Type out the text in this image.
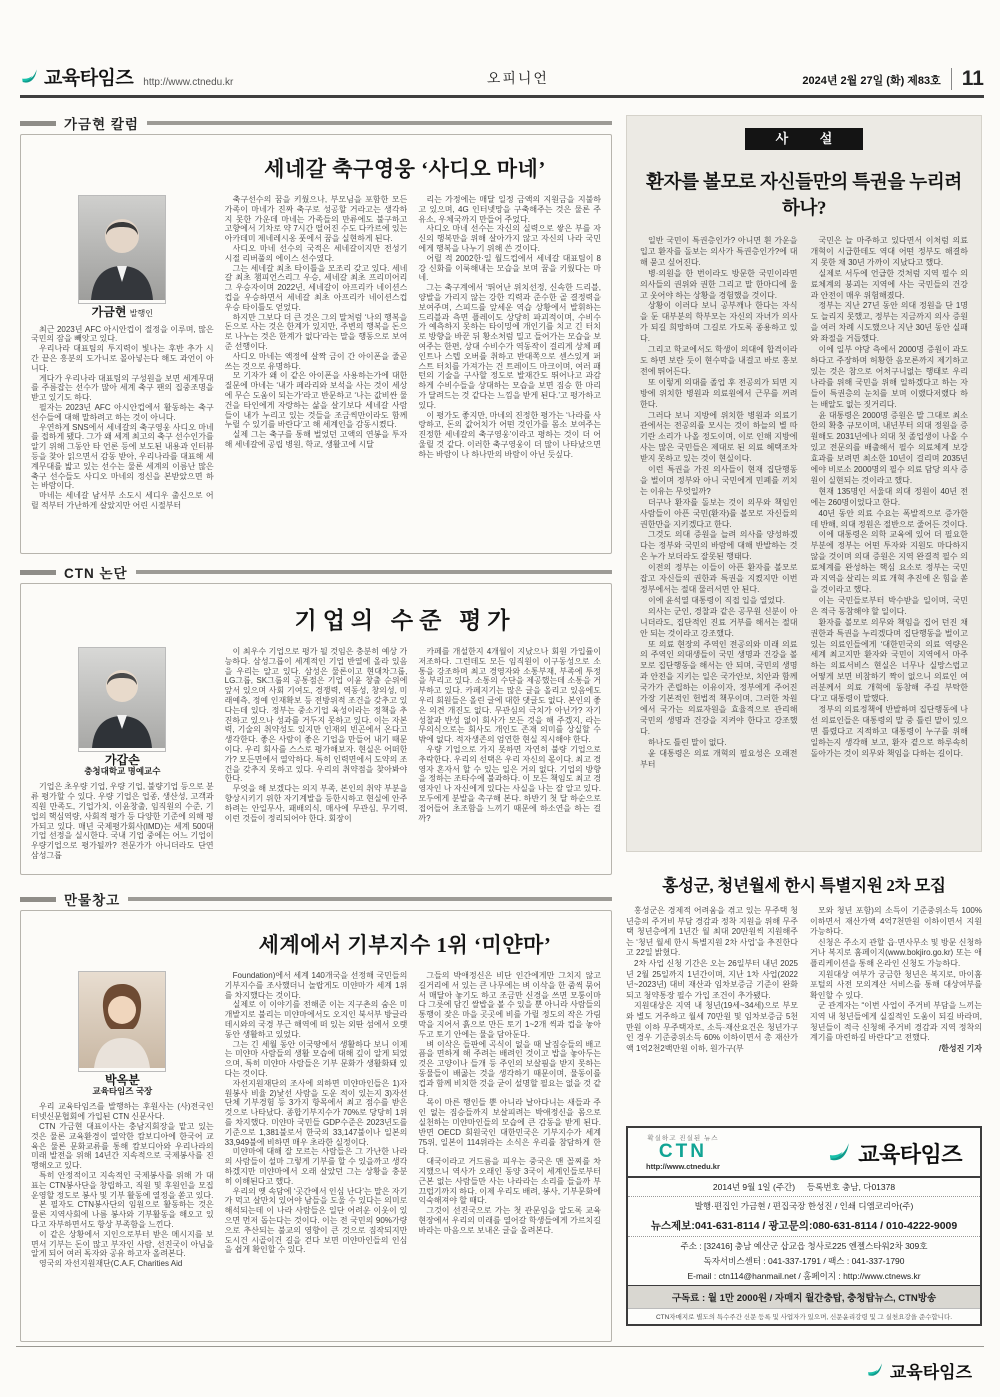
교육타임즈 http://www.ctnedu.kr	오피니언	2024년 2월 27일 (화) 제83호	11
가금현 칼럼
세네갈 축구영웅 ‘사디오 마네’
가금현 발행인

최근 2023년 AFC 아시안컵이 절정을 이루며, 많은 국민의 잠을 빼앗고 있다.

우리나라 대표팀의 투지력이 빛나는 후반 추가 시간 끝은 흥분의 도가니로 몰아넣는다 해도 과언이 아니다.

게다가 우리나라 대표팀의 구성원을 보면 세계무대를 주름잡는 선수가 많아 세계 축구 팬의 집중조명을 받고 있기도 하다.

필자는 2023년 AFC 아시안컵에서 활동하는 축구 선수들에 대해 말하려고 하는 것이 아니다.

우연하게 SNS에서 세네갈의 축구영웅 사디오 마네를 접하게 됐다. 그가 왜 세계 최고의 축구 선수인가를 알기 위해 그동안 타 언론 등에 보도된 내용과 인터뷰 등을 찾아 읽으면서 감동 받아, 우리나라를 대표해 세계무대를 밟고 있는 선수는 물론 세계의 이름난 많은 축구 선수들도 사디오 마네의 정신을 본받았으면 하는 바람이다.

마네는 세네갈 남서부 소도시 세디우 출신으로 어릴 적부터 가난하게 살았지만 어린 시절부터

축구선수의 꿈을 키웠으나, 부모님을 포함한 모든 가족이 마네가 진짜 축구로 성공할 거라고는 생각하지 못한 가운데 마네는 가족들의 만류에도 불구하고 고향에서 기차로 약 7시간 떨어진 수도 다카르에 있는 아카데미 제네레시옹 풋에서 꿈을 실현하게 된다.

사디오 마네 선수의 국적은 세네갈이지만 전성기 시절 리버풀의 에이스 선수였다.

그는 세네갈 최초 타이틀을 모조리 갖고 있다. 세네갈 최초 챔피언스리그 우승, 세네갈 최초 프리미어리그 우승자이며 2022년, 세네갈이 아프리카 네이션스컵을 우승하면서 세네갈 최초 아프리카 네이션스컵 우승 타이틀도 얻었다.

하지만 그보다 더 큰 것은 그의 말처럼 ‘나의 행복을 돈으로 사는 것은 한계가 있지만, 주변의 행복을 돈으로 나누는 것은 한계가 없다’라는 말을 행동으로 보여준 선행이다.

사디오 마네는 액정에 살짝 금이 간 아이폰을 줄곧 쓰는 것으로 유명하다.

모 기자가 왜 이 같은 아이폰을 사용하는가에 대한 질문에 마네는 ‘내가 페라리와 보석을 사는 것이 세상에 무슨 도움이 되는가’라고 반문하고 ‘나는 값비싼 물건을 타인에게 자랑하는 삶을 살기보다 세네갈 사람들이 내가 누리고 있는 것들을 조금씩만이라도 함께 누릴 수 있기를 바란다’고 해 세계인을 감동시켰다.

실제 그는 축구를 통해 벌었던 고액의 연봉을 투자해 세네갈에 공립 병원, 학교, 생활고에 시달

리는 가정에는 매달 일정 금액의 지원금을 지불하고 있으며, 4G 인터넷망을 구축해주는 것은 물론 주유소, 우체국까지 만들어 주었다.

사디오 마네 선수는 자신의 실력으로 쌓은 부를 자신의 행복만을 위해 살아가지 않고 자신의 나라 국민에게 행복을 나누기 위해 쓴 것이다.

어릴 적 2002한·일 월드컵에서 세네갈 대표팀이 8강 신화를 이룩해내는 모습을 보며 꿈을 키웠다는 마네.

그는 축구계에서 ‘뛰어난 위치선정, 신속한 드리블, 양발을 가리지 않는 강한 킥력과 준수한 골 결정력을 보여주며, 스피드를 앞세운 역습 상황에서 발휘하는 드리블과 측면 플레이도 상당히 파괴적이며, 수비수가 예측하지 못하는 타이밍에 개인기를 치고 긴 터치로 방향을 바꾼 뒤 황소처럼 밀고 들어가는 모습을 보여주는 한편, 상대 수비수가 역동작이 걸리게 상체 페인트나 스텝 오버를 취하고 반대쪽으로 센스있게 퍼스트 터치를 가져가는 건 트레이드 마크이며, 여러 패턴의 기술을 구사할 정도로 발재간도 뛰어나고 과감하게 수비수들을 상대하는 모습을 보면 짐승 한 마리가 달려드는 것 같다는 느낌을 받게 된다.’고 평가하고 있다.

이 평가도 좋지만, 마네의 진정한 평가는 ‘나라를 사랑하고, 돈의 값어치가 어떤 것인가를 몸소 보여주는 진정한 세네갈의 축구영웅’이라고 평하는 것이 더 어울릴 것 같다. 이러한 축구영웅이 더 많이 나타났으면 하는 바람이 나 하나만의 바람이 아닌 듯싶다.

CTN 논단
기업의 수준 평가
가갑손
충청대학교 명예교수

기업은 초우량 기업, 우량 기업, 불량기업 등으로 분류 평가할 수 있다. 우량 기업은 업종, 생산성, 고객과 직원 만족도, 기업가치, 이윤창출, 임직원의 수준, 기업의 핵심역량, 사회적 평가 등 다양한 기준에 의해 평가되고 있다. 매년 국제평가회사(IMD)는 세계 500대 기업 선정을 실시한다. 국내 기업 중에는 어느 기업이 우량기업으로 평가될까? 전문가가 아니더라도 단연 삼성그룹

이 최우수 기업으로 평가 될 것임은 충분히 예상 가능하다. 삼성그룹이 세계적인 기업 반열에 올라 있음을 우리는 알고 있다. 삼성은 물론이고 현대차그룹, LG그룹, SK그룹의 공통점은 기업 이윤 창출 순위에 앞서 있으며 사회 기여도, 경쟁력, 역동성, 창의성, 미래예측, 정예 인재확보 등 전방위적 조건을 갖추고 있다는데 있다. 정부는 중소기업 육성이라는 정책을 추진하고 있으나 성과를 거두지 못하고 있다. 이는 자본력, 기술의 취약성도 있지만 인재의 빈곤에서 온다고 생각한다. 좋은 사람이 좋은 기업을 만들어 내기 때문이다. 우리 회사를 스스로 평가해보자. 현실은 어떠한가? 모든면에서 열악하다. 특히 인력면에서 도약의 조건을 갖추지 못하고 있다. 우리의 취약점을 찾아봐야 한다.

무엇을 해 보겠다는 의지 부족, 본인의 취약 부분을 향상시키기 위한 자기계발을 등한시하고 현실에 안주하려는 안일무사, 패배의식, 매사에 무관심, 무기력, 이런 것들이 정리되어야 한다. 회장이

카페를 개설한지 4개월이 지났으나 회원 가입률이 저조하다. 그런데도 모든 임직원이 이구동성으로 소통을 강조하며 최고 경영자와 소통부재, 부족에 투정을 부리고 있다. 소통의 수단을 제공했는데 소통을 거부하고 있다. 카페지기는 많은 글을 올리고 있음에도 우리 회원들은 올린 글에 대한 댓글도 없다. 본인의 좋은 의견 개진도 없다. 무관심의 극치가 아닌가? 자기 성찰과 반성 없이 회사가 모든 것을 해 주겠지, 라는 무의식으로는 회사도 개인도 존재 의미를 상실할 수밖에 없다. 적자생존의 엄연한 현실 직시해야 한다.

우량 기업으로 가지 못하면 자연히 불량 기업으로 추락한다. 우리의 선택은 우리 자신의 몫이다. 최고 경영자 혼자서 할 수 있는 일은 거의 없다. 기업의 방향을 정하는 조타수에 불과하다. 이 모든 책임도 최고 경영자인 나 자신에게 있다는 사실을 나는 잘 알고 있다. 모두에게 분발을 촉구해 본다. 하반기 첫 달 하순으로 접어들어 초조함을 느끼기 때문에 하소연을 하는 걸까?

만물창고
세계에서 기부지수 1위 ‘미얀마’
박옥분
교육타임즈 국장

우리 교육타임즈를 발행하는 후원사는 (사)전국인터넷신문협회에 가입된 CTN 신문사다.

CTN 가금현 대표이사는 충남지회장을 맡고 있는 것은 물론 교육환경이 열악한 캄보디아에 한국어 교육은 물론 문화교류를 통해 캄보디아와 우리나라의 미래 발전을 위해 14년간 지속적으로 국제봉사를 진행해오고 있다.

특히 안정적이고 지속적인 국제봉사를 위해 가 대표는 CTN봉사단을 창립하고, 직원 및 후원인을 모집 운영할 정도로 봉사 및 기부 활동에 열정을 쏟고 있다.

본 필자도 CTN봉사단의 임원으로 활동하는 것은 물론 지역사회에 나름 봉사와 기부활동을 해오고 있다고 자부하면서도 항상 부족함을 느낀다.

이 같은 상황에서 지인으로부터 받은 메시지를 보면서 기부는 돈이 많고 부자인 사람, 선진국이 아님을 알게 되어 여러 독자와 공유 하고자 올려본다.

영국의 자선지원재단(C.A.F, Charities Aid

Foundation)에서 세계 140개국을 선정해 국민들의 기부지수를 조사했더니 놀랍게도 미얀마가 세계 1위를 차지했다는 것이다.

실제로 이 이야기를 전해준 이는 지구촌의 숨은 미개발지로 불리는 미얀마에서도 오지인 북서부 방글라데시와의 국경 부근 해역에 떠 있는 외딴 섬에서 오랫동안 생활하고 있었다.

그는 긴 세월 동안 이국땅에서 생활하다 보니 이제는 미얀마 사람들의 생활 모습에 대해 깊이 알게 되었으며, 특히 미얀마 사람들은 기부 문화가 생활화돼 있다는 것이다.

자선지원재단의 조사에 의하면 미얀마인들은 1)자원봉사 비율 2)낯선 사람을 도운 적이 있는지 3)자선단체 기부경험 등 3가지 항목에서 최고 점수를 받은 것으로 나타났다. 종합기부지수가 70%로 당당히 1위를 차지했다. 미얀마 국민들 GDP수준은 2023년도를 기준으로 1,381불로서 한국의 33,147불이나 일본의 33,949불에 비하면 매우 초라한 실정이다.

미얀마에 대해 잘 모르는 사람들은 그 가난한 나라의 사람들이 설마 그렇게 기부를 할 수 있을까고 생각하겠지만 미얀마에서 오래 살았던 그는 상황을 충분히 이해된다고 했다.

우리의 옛 속담에 ‘곳간에서 인심 난다’는 말은 자기가 먹고 살만치 있어야 남들을 도울 수 있다는 의미로 해석되는데 이 나라 사람들은 일단 어려운 이웃이 있으면 먼저 돕는다는 것이다. 이는 전 국민의 90%가량으로 추산되는 불교의 영향이 큰 것으로 짐작되지만 도시건 시골이건 길을 걷다 보면 미얀마인들의 인심을 쉽게 확인할 수 있다.

그들의 박애정신은 비단 인간에게만 그치지 않고 길거리에 서 있는 큰 나무에는 벼 이삭을 한 줌씩 묶어서 매달아 놓기도 하고 조금만 신경을 쓰면 모퉁이마다 그릇에 담긴 쌀밥을 볼 수 있을 뿐 아니라 사람들의 통행이 잦은 마을 곳곳에 비를 가릴 정도의 작은 가림막을 지어서 흙으로 만든 토기 1~2개 씩과 컵을 놓아두고 토기 안에는 물을 담아둔다.

벼 이삭은 들판에 곡식이 없을 때 날짐승들의 배고픔을 면하게 해 주려는 배려인 것이고 밥을 놓아두는 것은 고양이나 들개 등 주인의 보살핌을 받지 못하는 동물들이 배곯는 것을 생각하기 때문이며, 물동이를 컵과 함께 비치한 것을 굳이 설명할 필요는 없을 것 같다.

목이 마른 행인들 뿐 아니라 날아다니는 새들과 주인 없는 짐승들까지 보살피려는 박애정신을 몸으로 실천하는 미얀마인들의 모습에 큰 감동을 받게 된다. 반면 OECD 회원국인 대한민국은 기부지수가 세계 75위, 일본이 114위라는 소식은 우리를 참담하게 한다.

대국이라고 거드름을 피우는 중국은 맨 꼴찌를 차지했으니 역사가 오래인 동양 3국이 세계인들로부터 근본 없는 사람들만 사는 나라라는 소리를 들을까 부끄럽기까지 하다. 이제 우리도 배려, 봉사, 기부문화에 익숙해져야 할 때다.

그것이 선진국으로 가는 첫 관문임을 알도록 교육현장에서 우리의 미래를 열어갈 학생들에게 가르치길 바라는 마음으로 보내온 글을 올려본다.

사 설
환자를 볼모로 자신들만의 특권을 누리려 하나?

일반 국민이 특권층인가? 아니면 흰 가운을 입고 환자를 돌보는 의사가 특권층인가?에 대해 묻고 싶어진다.

병·의원을 한 번이라도 방문한 국민이라면 의사들의 권위와 권한 그리고 말 한마디에 울고 웃어야 하는 상황을 경험했을 것이다.

상황이 이러다 보니 공부깨나 한다는 자식을 둔 대부분의 학부모는 자신의 자녀가 의사가 되길 희망하며 그길로 가도록 종용하고 있다.

그리고 학교에서도 학생이 의대에 합격이라도 하면 보란 듯이 현수막을 내걸고 바로 홍보전에 뛰어든다.

또 이렇게 의대를 졸업 후 전공의가 되면 지방에 위치한 병원과 의료원에서 근무를 꺼려한다.

그러다 보니 지방에 위치한 병원과 의료기관에서는 전공의를 모시는 것이 하늘의 별 따기란 소리가 나올 정도이며, 이로 인해 지방에 사는 많은 국민들은 제대로 된 의료 혜택조차 받지 못하고 있는 것이 현실이다.

이런 특권을 가진 의사들이 현재 집단행동을 벌이며 정부와 아니 국민에게 민폐를 끼치는 이유는 무엇일까?

더구나 환자를 돌보는 것이 의무와 책임인 사람들이 아픈 국민(환자)를 볼모로 자신들의 권한만을 지키겠다고 한다.

그것도 의대 증원을 늘려 의사를 양성하겠다는 정부와 국민의 바람에 대해 반발하는 것은 누가 보더라도 잘못된 행태다.

이전의 정부는 이들이 아픈 환자를 볼모로 잡고 자신들의 권한과 특권을 지켰지만 이번 정부에서는 절대 물러서면 안 된다.

이에 윤석열 대통령이 직접 입을 열었다.

의사는 군인, 경찰과 같은 공무원 신분이 아니더라도, 집단적인 진료 거부를 해서는 절대 안 되는 것이라고 강조했다.

또 의료 현장의 주역인 전공의와 미래 의료의 주역인 의대생들이 국민 생명과 건강을 볼모로 집단행동을 해서는 안 되며, 국민의 생명과 안전을 지키는 일은 국가안보, 치안과 함께 국가가 존립하는 이유이자, 정부에게 주어진 가장 기본적인 헌법적 책무이며, 그러한 차원에서 국가는 의료자원을 효율적으로 관리해 국민의 생명과 건강을 지켜야 한다고 강조했다.

하나도 틀린 말이 없다.

윤 대통령은 의료 개혁의 필요성은 오래전부터

국민은 늘 마주하고 있다면서 이처럼 의료 개혁이 시급한데도 역대 어떤 정부도 해결하지 못한 채 30년 가까이 지났다고 했다.

실제로 서두에 언급한 것처럼 지역 필수 의료체계의 붕괴는 지역에 사는 국민들의 건강과 안전이 매우 위험해졌다.

정부는 지난 27년 동안 의대 정원을 단 1명도 늘리지 못했고, 정부는 지금까지 의사 증원을 여러 차례 시도했으나 지난 30년 동안 실패와 좌절을 거듭했다.

이에 일부 야당 측에서 2000명 증원이 과도하다고 주장하며 허황한 음모론까지 제기하고 있는 것은 참으로 어처구니없는 행태로 우리나라를 위해 국민을 위해 일하겠다고 하는 자들이 특권층의 눈치를 보며 이랬다저랬다 하는 배알도 없는 짓거리다.

윤 대통령은 2000명 증원은 말 그대로 최소한의 확충 규모이며, 내년부터 의대 정원을 증원해도 2031년에나 의대 첫 졸업생이 나올 수 있고 전문의를 배출해서 필수 의료체계 보강 효과를 보려면 최소한 10년이 걸리며 2035년에야 비로소 2000명의 필수 의료 담당 의사 증원이 실현되는 것이라고 했다.

현재 135명인 서울대 의대 정원이 40년 전에는 260명이었다고 한다.

40년 동안 의료 수요는 폭발적으로 증가한 데 반해, 의대 정원은 절반으로 줄어든 것이다.

이에 대통령은 의학 교육에 있어 더 필요한 부분에 정부는 어떤 투자와 지원도 마다하지 않을 것이며 의대 증원은 지역 완결적 필수 의료체계를 완성하는 핵심 요소로 정부는 국민과 지역을 살리는 의료 개혁 추진에 온 힘을 쏟을 것이라고 했다.

이는 국민들로부터 박수받을 일이며, 국민은 적극 동참해야 할 일이다.

환자를 볼모로 의무와 책임을 집어 던진 채 권한과 특권을 누리겠다며 집단행동을 벌이고 있는 의료인들에게 ‘대한민국의 의료 역량은 세계 최고지만 환자와 국민이 지역에서 마주하는 의료서비스 현실은 너무나 실망스럽고 어떻게 보면 비참하기 짝이 없으니 의료인 여러분께서 의료 개혁에 동참해 주길 부탁한다’고 대통령이 말했다.

정부의 의료정책에 반발하며 집단행동에 나선 의료인들은 대통령의 말 중 틀린 말이 있으면 틀렸다고 지적하고 대통령이 누구를 위해 일하는지 생각해 보고, 환자 곁으로 하루속히 돌아가는 것이 의무와 책임을 다하는 길이다.

홍성군, 청년월세 한시 특별지원 2차 모집

홍성군은 경제적 어려움을 겪고 있는 무주택 청년층의 주거비 부담 경감과 정착 지원을 위해 무주택 청년층에게 1년간 월 최대 20만원씩 지원해주는 ‘청년 월세 한시 특별지원 2차 사업’을 추진한다고 22일 밝혔다.

2차 사업 신청 기간은 오는 26일부터 내년 2025년 2월 25일까지 1년간이며, 지난 1차 사업(2022년~2023년) 대비 재산과 임차보증금 기준이 완화되고 청약통장 필수 가입 조건이 추가됐다.

지원대상은 지역 내 청년(19세~34세)으로 부모와 별도 거주하고 월세 70만원 및 임차보증금 5천만원 이하 무주택자로, 소득·재산요건은 청년가구인 경우 기준중위소득 60% 이하이면서 총 재산가액 1억2천2백만원 이하, 원가구(부

모와 청년 포함)의 소득이 기준중위소득 100% 이하면서 재산가액 4억7천만원 이하이면서 지원 가능하다.

신청은 주소지 관할 읍·면사무소 및 방문 신청하거나 복지로 홈페이지(www.bokjiro.go.kr) 또는 애플리케이션을 통해 온라인 신청도 가능하다.

지원대상 여부가 궁금한 청년은 복지로, 마이홈포털의 사전 모의계산 서비스를 통해 대상여부를 확인할 수 있다.

군 관계자는 “이번 사업이 주거비 부담을 느끼는 지역 내 청년들에게 실질적인 도움이 되길 바라며, 청년들이 적극 신청해 주거비 경감과 지역 정착의 계기를 마련하길 바란다”고 전했다.

/한성진 기자

확실하고 진실된 뉴스
CTN
http://www.ctnedu.kr	교육타임즈
2014년 9월 1일 (주간) 등록번호 충남, 다01378
발행·편집인 가금현 / 편집국장 한성진 / 인쇄 디엠코리아(주)
뉴스제보:041-631-8114 / 광고문의:080-631-8114 / 010-4222-9009
주소 : [32416] 충남 예산군 삽교읍 청사로225 엔젤스타워2차 309호
독자서비스센터 : 041-337-1791 / 팩스 : 041-337-1790
E-mail : ctn114@hanmail.net / 홈페이지 : http://www.ctnews.kr
구독료 : 월 1만 2000원 / 자매지 월간충탑, 충청탑뉴스, CTN방송
CTN자매지로 별도의 특수주간 신문 등록 및 사업자가 있으며, 신문윤리강령 및 그 실천요강을 준수합니다.
교육타임즈
